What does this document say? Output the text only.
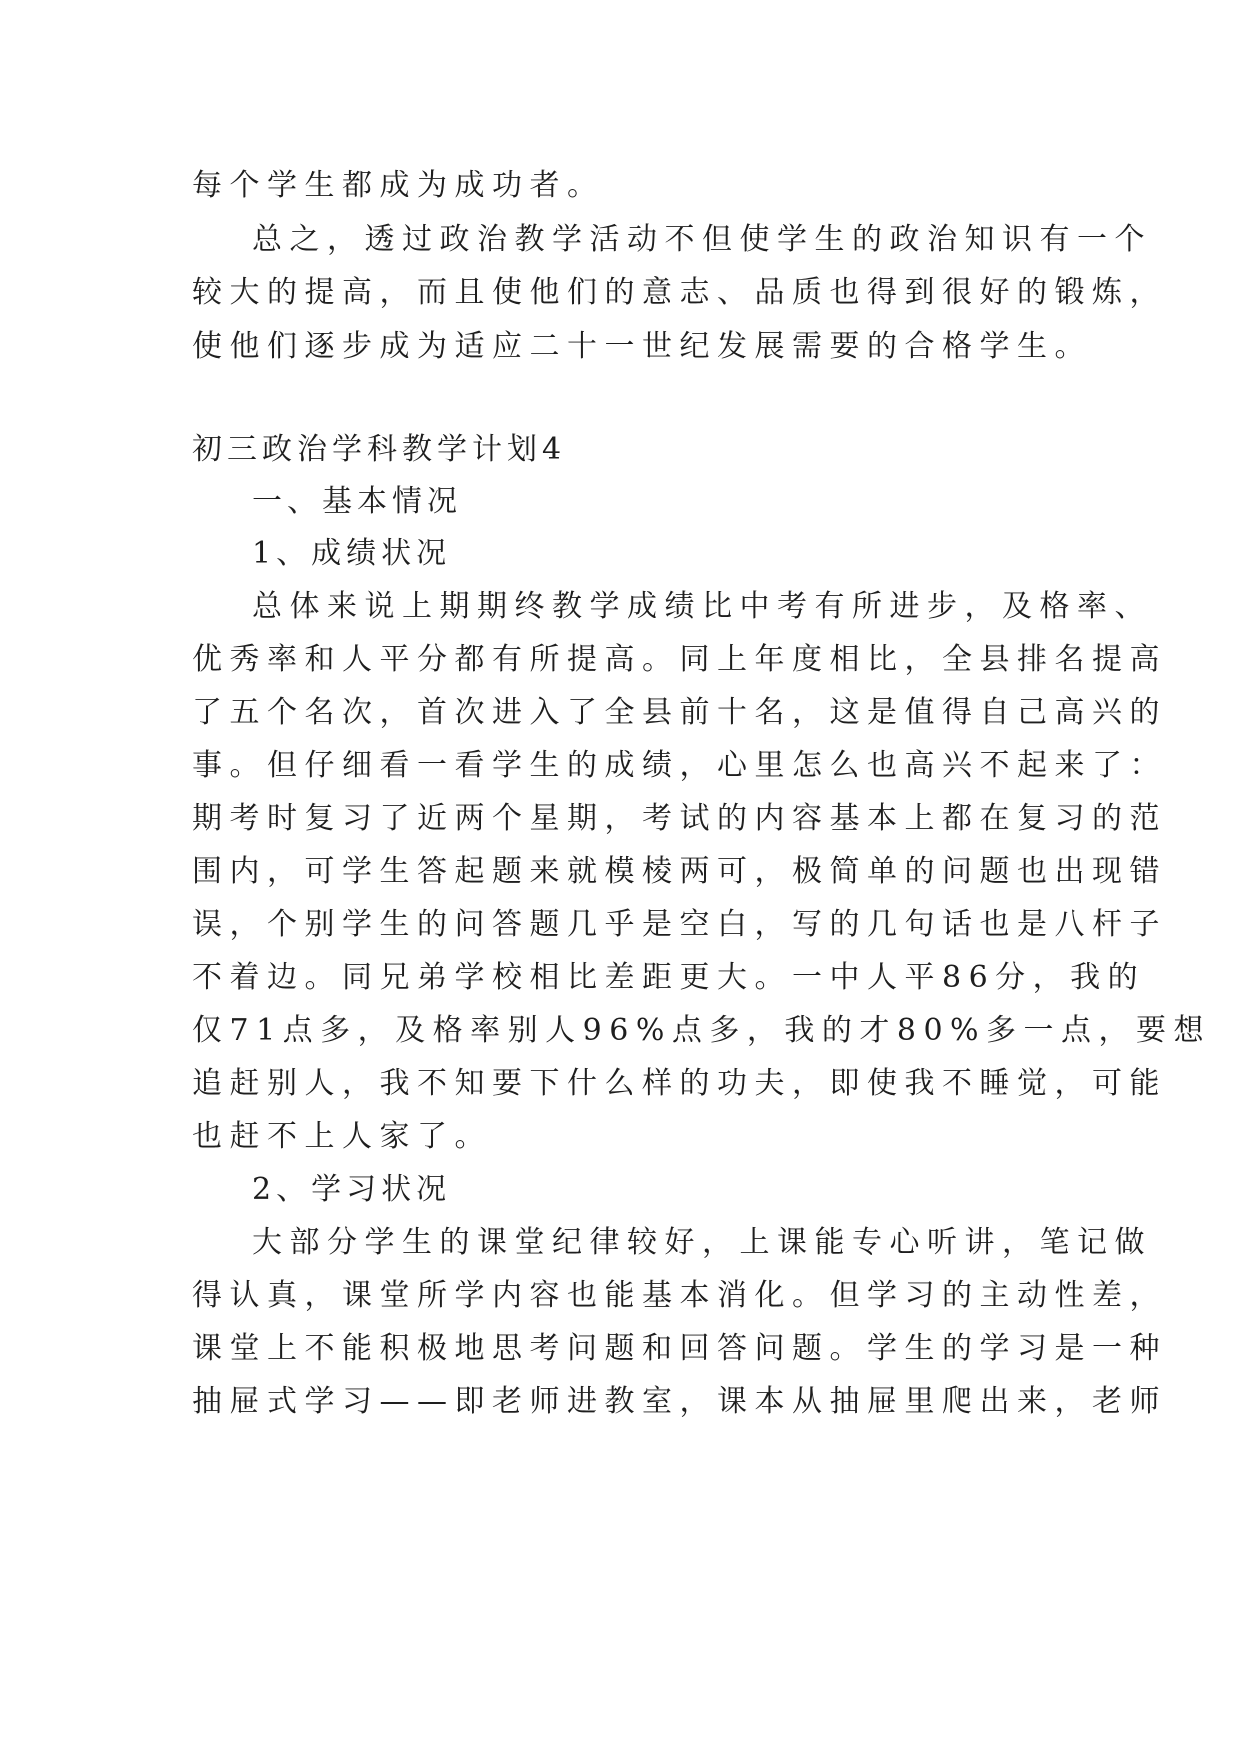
每个学生都成为成功者。
总之，透过政治教学活动不但使学生的政治知识有一个
较大的提高，而且使他们的意志、品质也得到很好的锻炼，
使他们逐步成为适应二十一世纪发展需要的合格学生。
初三政治学科教学计划4
一、基本情况
1、成绩状况
总体来说上期期终教学成绩比中考有所进步，及格率、
优秀率和人平分都有所提高。同上年度相比，全县排名提高
了五个名次，首次进入了全县前十名，这是值得自己高兴的
事。但仔细看一看学生的成绩，心里怎么也高兴不起来了：
期考时复习了近两个星期，考试的内容基本上都在复习的范
围内，可学生答起题来就模棱两可，极简单的问题也出现错
误，个别学生的问答题几乎是空白，写的几句话也是八杆子
不着边。同兄弟学校相比差距更大。一中人平86分，我的
仅71点多，及格率别人96%点多，我的才80%多一点，要想
追赶别人，我不知要下什么样的功夫，即使我不睡觉，可能
也赶不上人家了。
2、学习状况
大部分学生的课堂纪律较好，上课能专心听讲，笔记做
得认真，课堂所学内容也能基本消化。但学习的主动性差，
课堂上不能积极地思考问题和回答问题。学生的学习是一种
抽屉式学习——即老师进教室，课本从抽屉里爬出来，老师
